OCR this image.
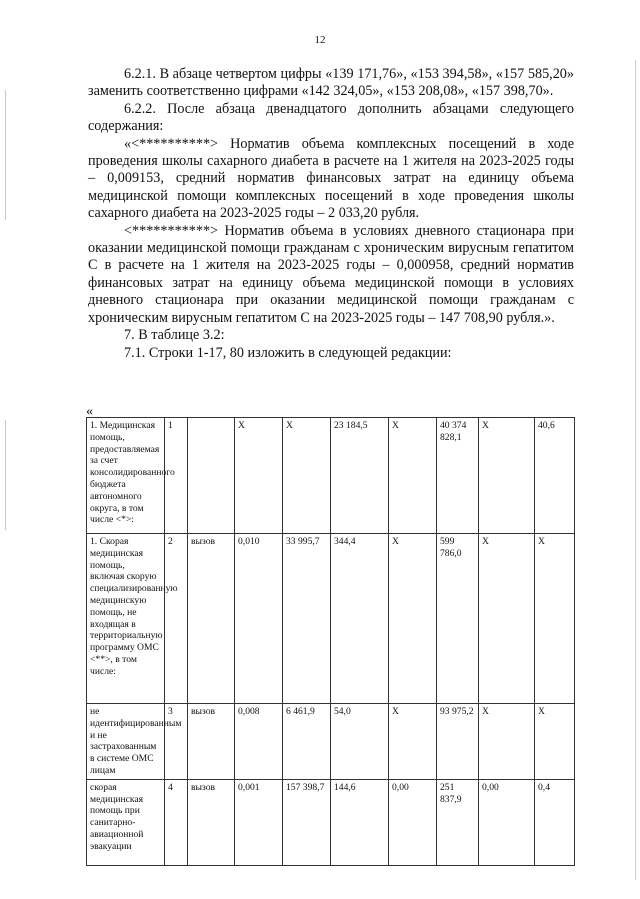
12

6.2.1. В абзаце четвертом цифры «139 171,76», «153 394,58», «157 585,20» заменить соответственно цифрами «142 324,05», «153 208,08», «157 398,70».

6.2.2. После абзаца двенадцатого дополнить абзацами следующего содержания:

«<**********> Норматив объема комплексных посещений в ходе проведения школы сахарного диабета в расчете на 1 жителя на 2023-2025 годы – 0,009153, средний норматив финансовых затрат на единицу объема медицинской помощи комплексных посещений в ходе проведения школы сахарного диабета на 2023-2025 годы – 2 033,20 рубля.

<***********> Норматив объема в условиях дневного стационара при оказании медицинской помощи гражданам с хроническим вирусным гепатитом С в расчете на 1 жителя на 2023-2025 годы – 0,000958, средний норматив финансовых затрат на единицу объема медицинской помощи в условиях дневного стационара при оказании медицинской помощи гражданам с хроническим вирусным гепатитом С на 2023-2025 годы – 147 708,90 рубля.».

7. В таблице 3.2:

7.1. Строки 1-17, 80 изложить в следующей редакции:

«
1. Медицинская помощь, предоставляемая за счет консолидированного бюджета автономного округа, в том числе <*>:	1		X	X	23 184,5	X	40 374 828,1	X	40,6
1. Скорая медицинская помощь, включая скорую специализированную медицинскую помощь, не входящая в территориальную программу ОМС <**>, в том числе:	2	вызов	0,010	33 995,7	344,4	X	599 786,0	X	X
не идентифицированным и не застрахованным в системе ОМС лицам	3	вызов	0,008	6 461,9	54,0	X	93 975,2	X	X
скорая медицинская помощь при санитарно-авиационной эвакуации	4	вызов	0,001	157 398,7	144,6	0,00	251 837,9	0,00	0,4
